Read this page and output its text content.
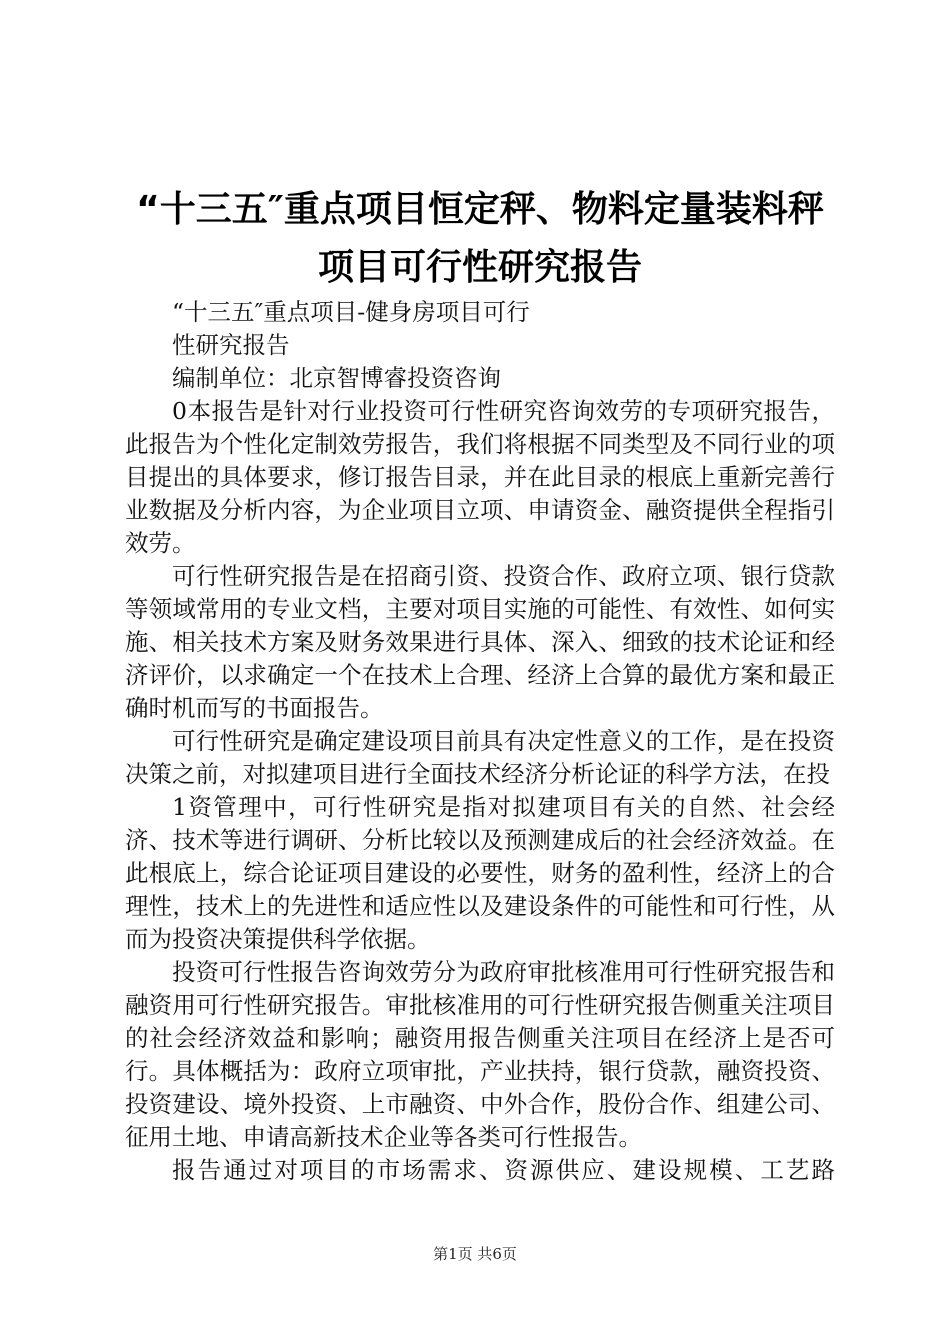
“十三五″重点项目恒定秤、物料定量装料秤
项目可行性研究报告

“十三五″重点项目-健身房项目可行

性研究报告

编制单位：北京智博睿投资咨询

0本报告是针对行业投资可行性研究咨询效劳的专项研究报告，此报告为个性化定制效劳报告，我们将根据不同类型及不同行业的项目提出的具体要求，修订报告目录，并在此目录的根底上重新完善行业数据及分析内容，为企业项目立项、申请资金、融资提供全程指引效劳。

可行性研究报告是在招商引资、投资合作、政府立项、银行贷款等领域常用的专业文档，主要对项目实施的可能性、有效性、如何实施、相关技术方案及财务效果进行具体、深入、细致的技术论证和经济评价，以求确定一个在技术上合理、经济上合算的最优方案和最正确时机而写的书面报告。

可行性研究是确定建设项目前具有决定性意义的工作，是在投资决策之前，对拟建项目进行全面技术经济分析论证的科学方法，在投

1资管理中，可行性研究是指对拟建项目有关的自然、社会经济、技术等进行调研、分析比较以及预测建成后的社会经济效益。在此根底上，综合论证项目建设的必要性，财务的盈利性，经济上的合理性，技术上的先进性和适应性以及建设条件的可能性和可行性，从而为投资决策提供科学依据。

投资可行性报告咨询效劳分为政府审批核准用可行性研究报告和融资用可行性研究报告。审批核准用的可行性研究报告侧重关注项目的社会经济效益和影响；融资用报告侧重关注项目在经济上是否可行。具体概括为：政府立项审批，产业扶持，银行贷款，融资投资、投资建设、境外投资、上市融资、中外合作，股份合作、组建公司、征用土地、申请高新技术企业等各类可行性报告。

报告通过对项目的市场需求、资源供应、建设规模、工艺路

第1页 共6页
